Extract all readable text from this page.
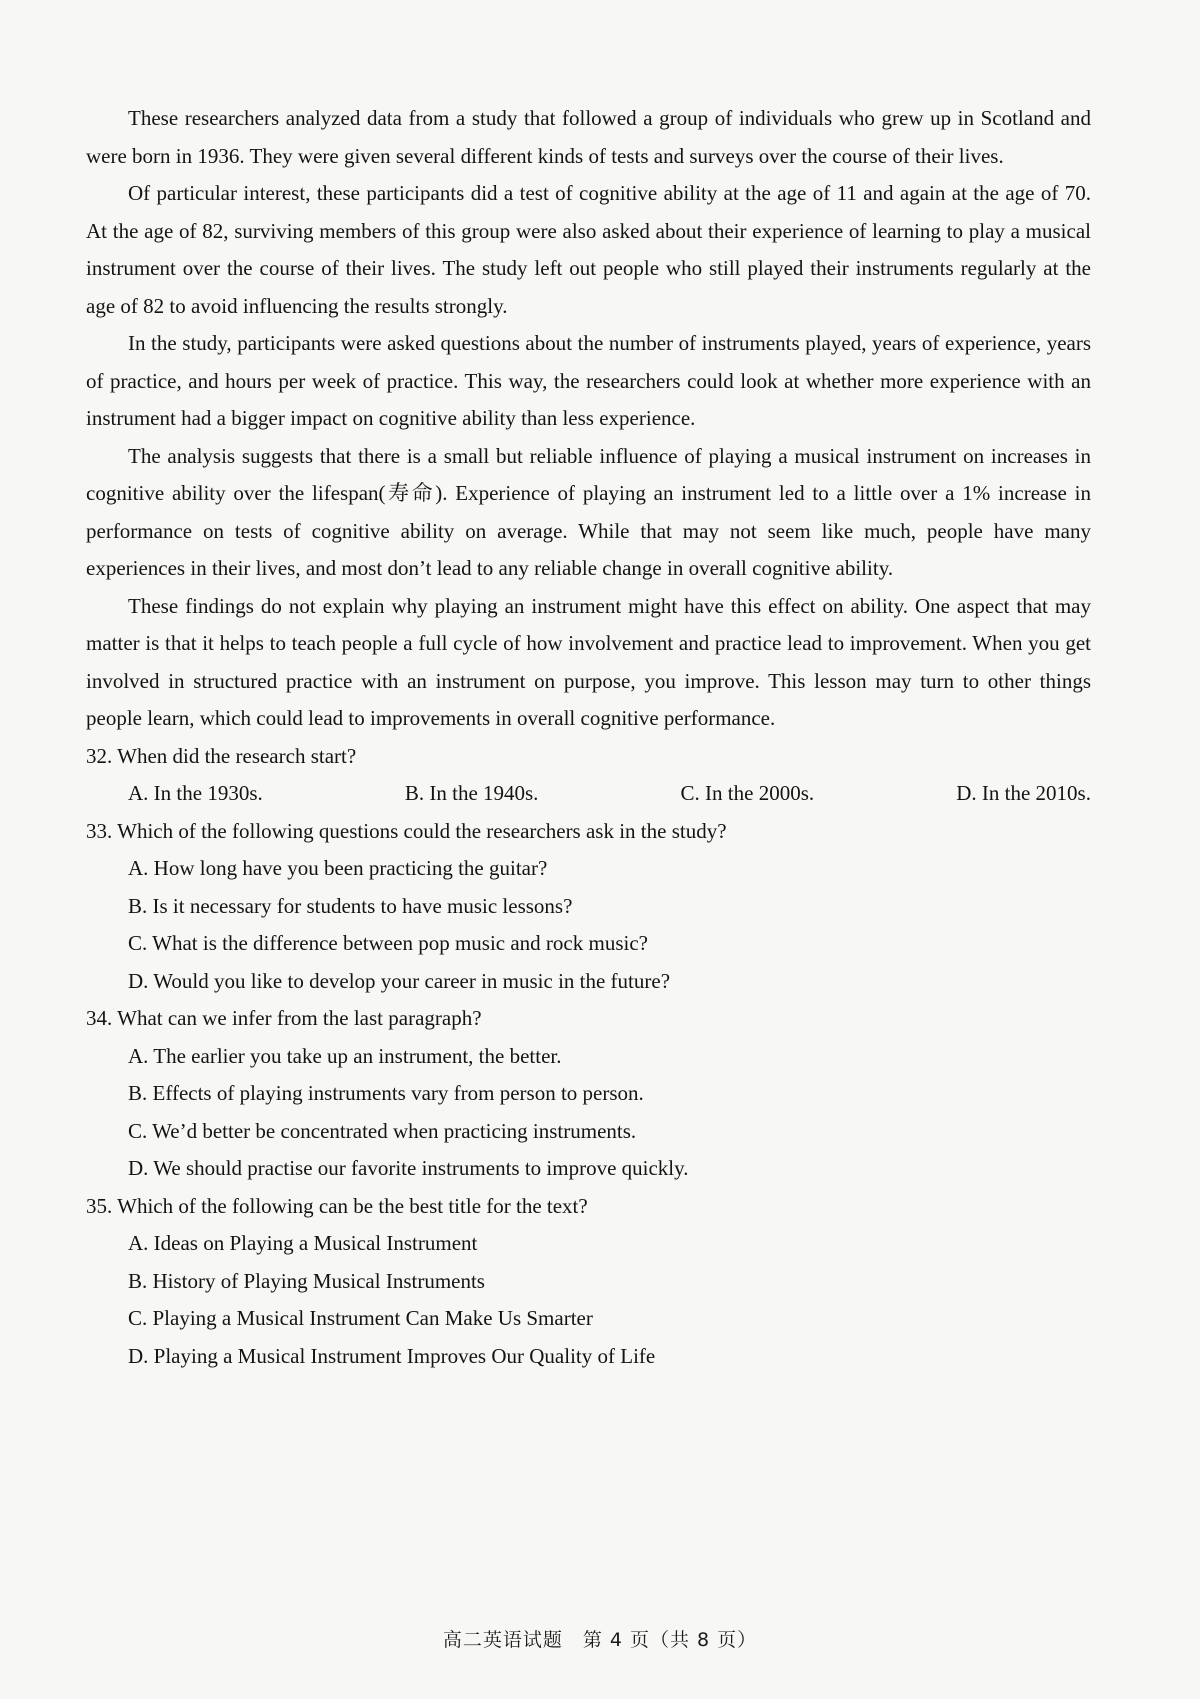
These researchers analyzed data from a study that followed a group of individuals who grew up in Scotland and were born in 1936. They were given several different kinds of tests and surveys over the course of their lives.

Of particular interest, these participants did a test of cognitive ability at the age of 11 and again at the age of 70. At the age of 82, surviving members of this group were also asked about their experience of learning to play a musical instrument over the course of their lives. The study left out people who still played their instruments regularly at the age of 82 to avoid influencing the results strongly.

In the study, participants were asked questions about the number of instruments played, years of experience, years of practice, and hours per week of practice. This way, the researchers could look at whether more experience with an instrument had a bigger impact on cognitive ability than less experience.

The analysis suggests that there is a small but reliable influence of playing a musical instrument on increases in cognitive ability over the lifespan(寿命). Experience of playing an instrument led to a little over a 1% increase in performance on tests of cognitive ability on average. While that may not seem like much, people have many experiences in their lives, and most don’t lead to any reliable change in overall cognitive ability.

These findings do not explain why playing an instrument might have this effect on ability. One aspect that may matter is that it helps to teach people a full cycle of how involvement and practice lead to improvement. When you get involved in structured practice with an instrument on purpose, you improve. This lesson may turn to other things people learn, which could lead to improvements in overall cognitive performance.

32. When did the research start?

A. In the 1930s.	B. In the 1940s.	C. In the 2000s.	D. In the 2010s.

33. Which of the following questions could the researchers ask in the study?

A. How long have you been practicing the guitar?

B. Is it necessary for students to have music lessons?

C. What is the difference between pop music and rock music?

D. Would you like to develop your career in music in the future?

34. What can we infer from the last paragraph?

A. The earlier you take up an instrument, the better.

B. Effects of playing instruments vary from person to person.

C. We’d better be concentrated when practicing instruments.

D. We should practise our favorite instruments to improve quickly.

35. Which of the following can be the best title for the text?

A. Ideas on Playing a Musical Instrument

B. History of Playing Musical Instruments

C. Playing a Musical Instrument Can Make Us Smarter

D. Playing a Musical Instrument Improves Our Quality of Life

高二英语试题　第 4 页（共 8 页）
